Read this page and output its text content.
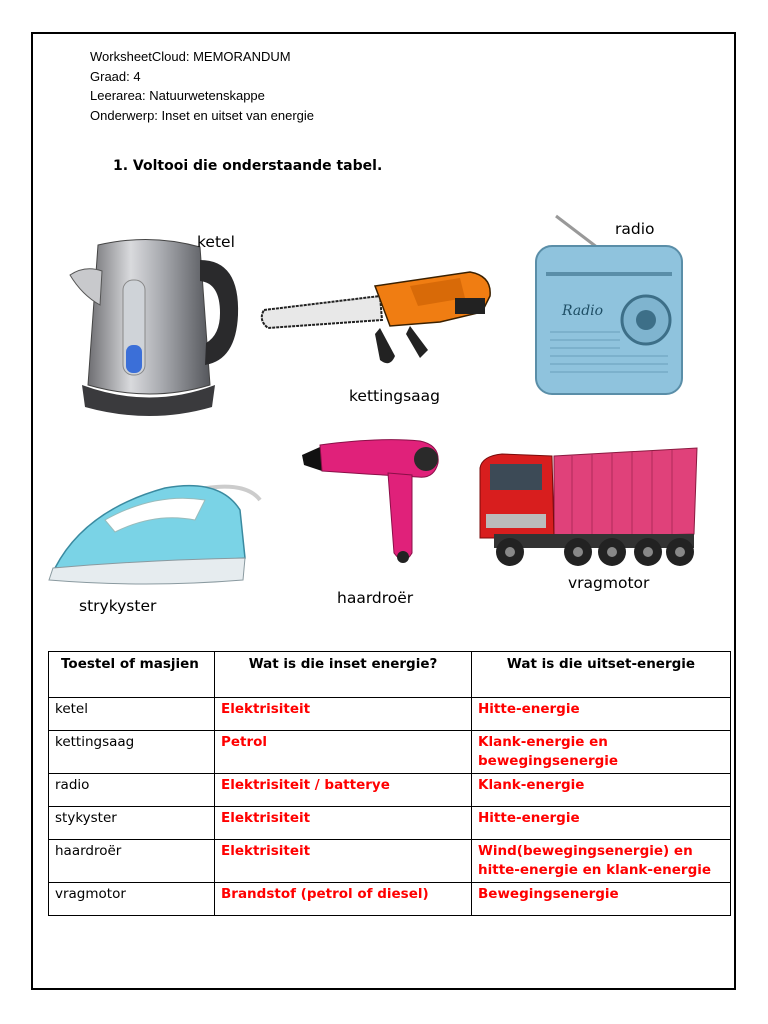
WorksheetCloud: MEMORANDUM
Graad: 4
Leerarea: Natuurwetenskappe
Onderwerp: Inset en uitset van energie
1. Voltooi die onderstaande tabel.
ketel
kettingsaag
Radio
radio
strykyster	haardroër
vragmotor
Toestel of masjien	Wat is die inset energie?	Wat is die uitset-energie
ketel	Elektrisiteit	Hitte-energie
kettingsaag	Petrol	Klank-energie en bewegingsenergie
radio	Elektrisiteit / batterye	Klank-energie
stykyster	Elektrisiteit	Hitte-energie
haardroër	Elektrisiteit	Wind(bewegingsenergie) en hitte-energie en klank-energie
vragmotor	Brandstof (petrol of diesel)	Bewegingsenergie
